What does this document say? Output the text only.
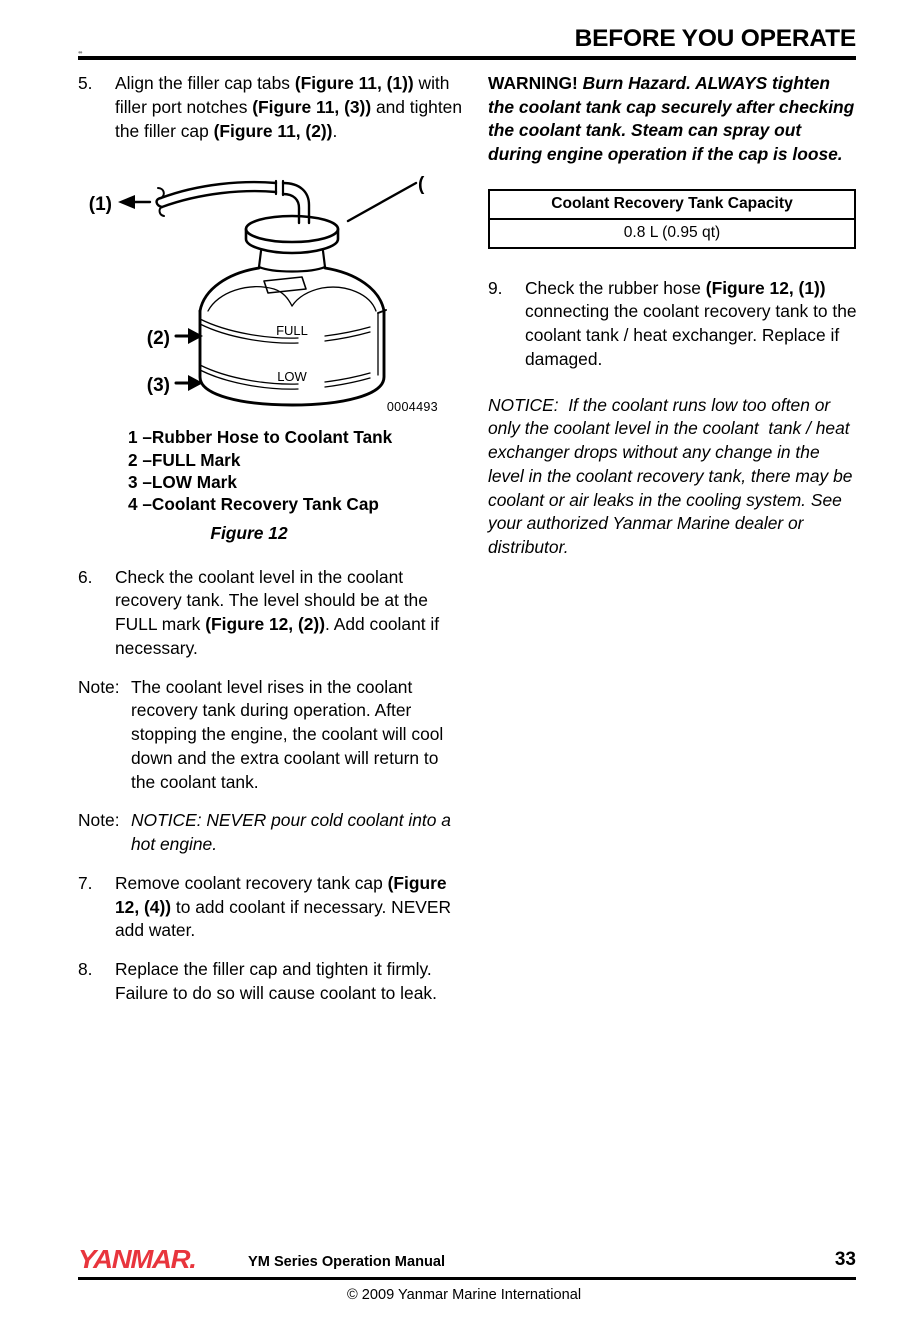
BEFORE YOU OPERATE
••
5. Align the filler cap tabs (Figure 11, (1)) with filler port notches (Figure 11, (3)) and tighten the filler cap (Figure 11, (2)).
FULL
LOW
(1)
(2)
(3)
(
0004493
1 –Rubber Hose to Coolant Tank
2 –FULL Mark
3 –LOW Mark
4 –Coolant Recovery Tank Cap
Figure 12
6. Check the coolant level in the coolant recovery tank. The level should be at the FULL mark (Figure 12, (2)). Add coolant if necessary.
Note: The coolant level rises in the coolant recovery tank during operation. After stopping the engine, the coolant will cool down and the extra coolant will return to the coolant tank.
Note: NOTICE: NEVER pour cold coolant into a hot engine.
7. Remove coolant recovery tank cap (Figure 12, (4)) to add coolant if necessary. NEVER add water.
8. Replace the filler cap and tighten it firmly. Failure to do so will cause coolant to leak.
WARNING! Burn Hazard. ALWAYS tighten the coolant tank cap securely after checking the coolant tank. Steam can spray out during engine operation if the cap is loose.
Coolant Recovery Tank Capacity
0.8 L (0.95 qt)
9. Check the rubber hose (Figure 12, (1)) connecting the coolant recovery tank to the coolant tank / heat exchanger. Replace if damaged.
NOTICE:  If the coolant runs low too often or only the coolant level in the coolant  tank / heat exchanger drops without any change in the level in the coolant recovery tank, there may be coolant or air leaks in the cooling system. See your authorized Yanmar Marine dealer or distributor.
YANMAR.	YM Series Operation Manual	33
© 2009 Yanmar Marine International
